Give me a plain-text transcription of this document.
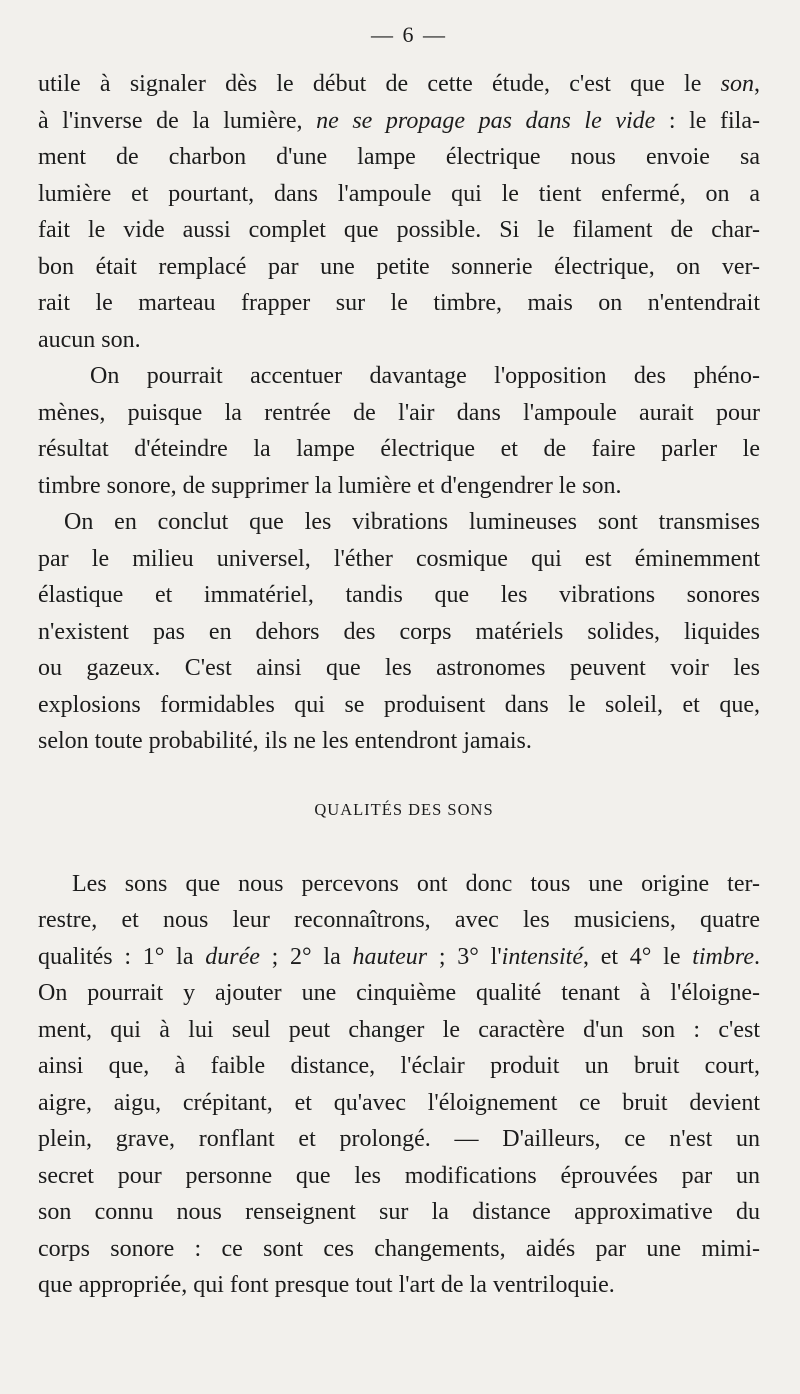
— 6 —
utile à signaler dès le début de cette étude, c'est que le son,
à l'inverse de la lumière, ne se propage pas dans le vide : le fila-
ment de charbon d'une lampe électrique nous envoie sa
lumière et pourtant, dans l'ampoule qui le tient enfermé, on a
fait le vide aussi complet que possible. Si le filament de char-
bon était remplacé par une petite sonnerie électrique, on ver-
rait le marteau frapper sur le timbre, mais on n'entendrait
aucun son.
On pourrait accentuer davantage l'opposition des phéno-
mènes, puisque la rentrée de l'air dans l'ampoule aurait pour
résultat d'éteindre la lampe électrique et de faire parler le
timbre sonore, de supprimer la lumière et d'engendrer le son.
On en conclut que les vibrations lumineuses sont transmises
par le milieu universel, l'éther cosmique qui est éminemment
élastique et immatériel, tandis que les vibrations sonores
n'existent pas en dehors des corps matériels solides, liquides
ou gazeux. C'est ainsi que les astronomes peuvent voir les
explosions formidables qui se produisent dans le soleil, et que,
selon toute probabilité, ils ne les entendront jamais.
QUALITÉS DES SONS
Les sons que nous percevons ont donc tous une origine ter-
restre, et nous leur reconnaîtrons, avec les musiciens, quatre
qualités : 1° la durée ; 2° la hauteur ; 3° l'intensité, et 4° le timbre.
On pourrait y ajouter une cinquième qualité tenant à l'éloigne-
ment, qui à lui seul peut changer le caractère d'un son : c'est
ainsi que, à faible distance, l'éclair produit un bruit court,
aigre, aigu, crépitant, et qu'avec l'éloignement ce bruit devient
plein, grave, ronflant et prolongé. — D'ailleurs, ce n'est un
secret pour personne que les modifications éprouvées par un
son connu nous renseignent sur la distance approximative du
corps sonore : ce sont ces changements, aidés par une mimi-
que appropriée, qui font presque tout l'art de la ventriloquie.
